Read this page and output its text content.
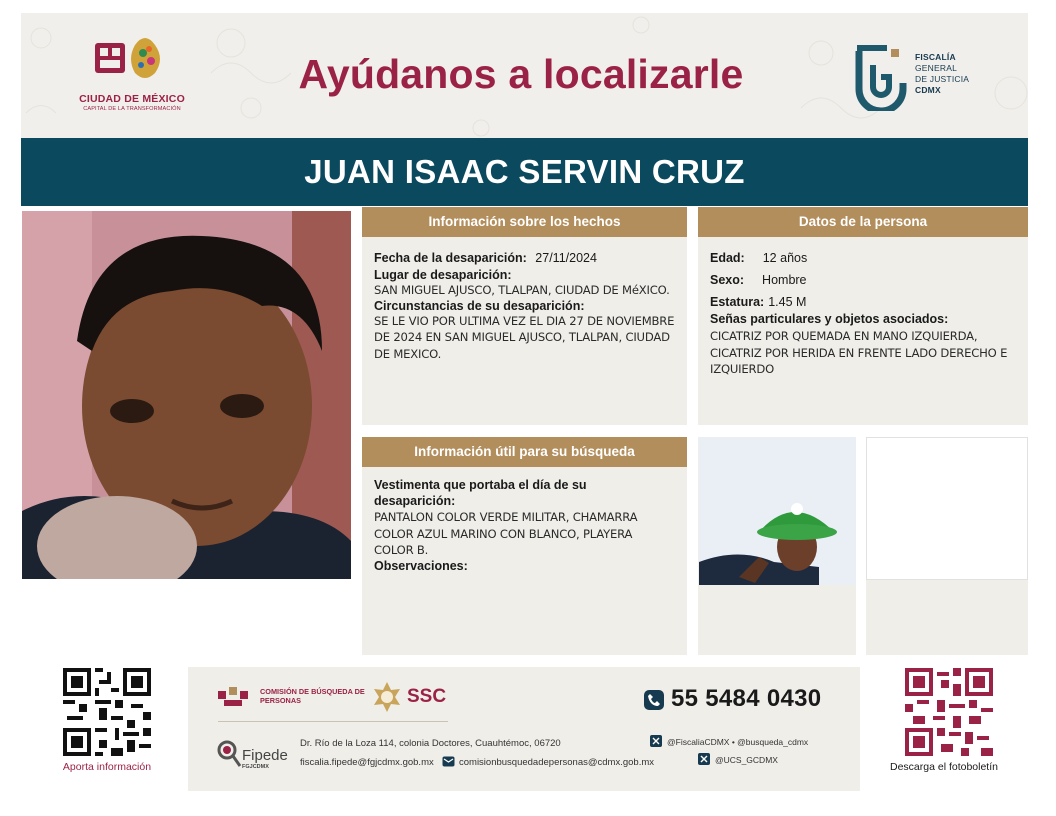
CIUDAD DE MÉXICO
CAPITAL DE LA TRANSFORMACIÓN
Ayúdanos a localizarle	FISCALÍA
GENERAL
DE JUSTICIA
CDMX
JUAN ISAAC SERVIN CRUZ
Información sobre los hechos
Fecha de la desaparición: 27/11/2024
Lugar de desaparición:
SAN MIGUEL AJUSCO, TLALPAN, CIUDAD DE MéXICO.
Circunstancias de su desaparición:
SE LE VIO POR ULTIMA VEZ EL DIA 27 DE NOVIEMBRE DE 2024 EN SAN MIGUEL AJUSCO, TLALPAN, CIUDAD DE MEXICO.
Datos de la persona
Edad: 12 años
Sexo: Hombre
Estatura: 1.45 M
Señas particulares y objetos asociados:
CICATRIZ POR QUEMADA EN MANO IZQUIERDA, CICATRIZ POR HERIDA EN FRENTE LADO DERECHO E IZQUIERDO
Información útil para su búsqueda
Vestimenta que portaba el día de su desaparición:
PANTALON COLOR VERDE MILITAR, CHAMARRA COLOR AZUL MARINO CON BLANCO, PLAYERA COLOR B.
Observaciones:
Aporta información	Descarga el fotoboletín
COMISIÓN DE BÚSQUEDA DE PERSONAS	SSC	55 5484 0430
Fipede
FGJCDMX
Dr. Río de la Loza 114, colonia Doctores, Cuauhtémoc, 06720
fiscalia.fipede@fgjcdmx.gob.mx	comisionbusquedadepersonas@cdmx.gob.mx
@FiscaliaCDMX • @busqueda_cdmx
@UCS_GCDMX
